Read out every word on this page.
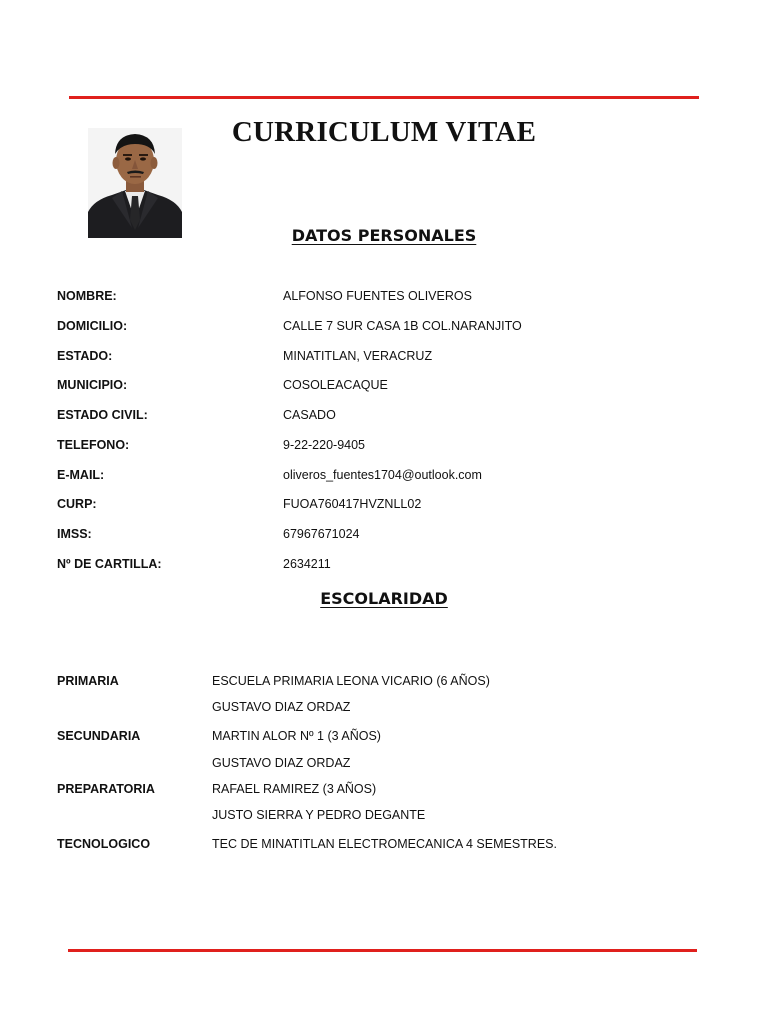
CURRICULUM VITAE
DATOS PERSONALES
NOMBRE:	ALFONSO FUENTES OLIVEROS
DOMICILIO:	CALLE 7 SUR CASA 1B COL.NARANJITO
ESTADO:	MINATITLAN, VERACRUZ
MUNICIPIO:	COSOLEACAQUE
ESTADO CIVIL:	CASADO
TELEFONO:	9-22-220-9405
E-MAIL:	oliveros_fuentes1704@outlook.com
CURP:	FUOA760417HVZNLL02
IMSS:	67967671024
Nº DE CARTILLA:	2634211
ESCOLARIDAD
PRIMARIA	ESCUELA PRIMARIA LEONA VICARIO (6 AÑOS)
GUSTAVO DIAZ ORDAZ
SECUNDARIA	MARTIN ALOR Nº 1 (3 AÑOS)
GUSTAVO DIAZ ORDAZ
PREPARATORIA	RAFAEL RAMIREZ (3 AÑOS)
JUSTO SIERRA Y PEDRO DEGANTE
TECNOLOGICO	TEC DE MINATITLAN ELECTROMECANICA 4 SEMESTRES.
